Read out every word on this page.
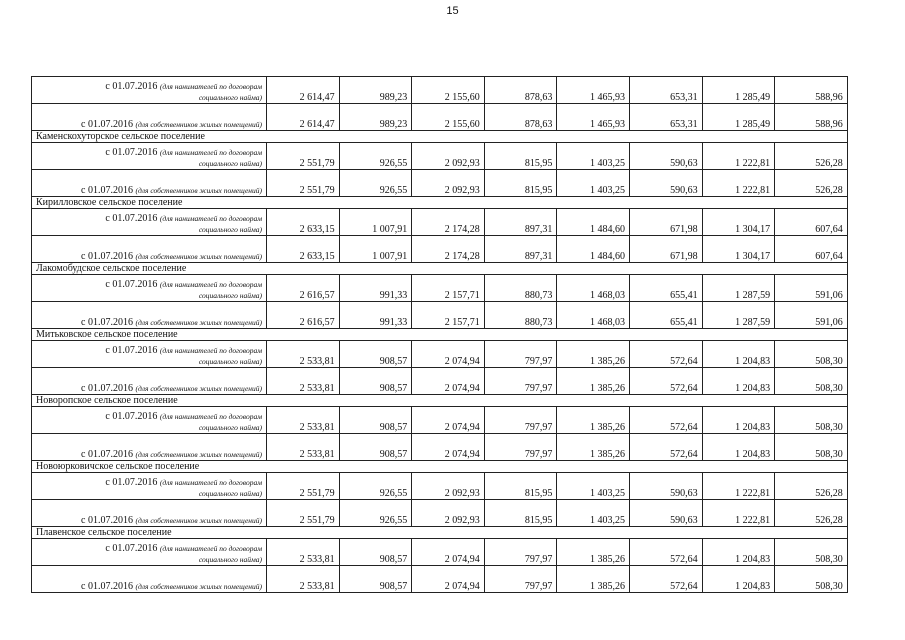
15
с 01.07.2016 (для нанимателей по договорам
социального найма)	2 614,47	989,23	2 155,60	878,63	1 465,93	653,31	1 285,49	588,96
с 01.07.2016 (для собственников жилых помещений)	2 614,47	989,23	2 155,60	878,63	1 465,93	653,31	1 285,49	588,96
Каменскохуторское сельское поселение								

с 01.07.2016 (для нанимателей по договорам
социального найма)	2 551,79	926,55	2 092,93	815,95	1 403,25	590,63	1 222,81	526,28
с 01.07.2016 (для собственников жилых помещений)	2 551,79	926,55	2 092,93	815,95	1 403,25	590,63	1 222,81	526,28
Кирилловское сельское поселение								

с 01.07.2016 (для нанимателей по договорам
социального найма)	2 633,15	1 007,91	2 174,28	897,31	1 484,60	671,98	1 304,17	607,64
с 01.07.2016 (для собственников жилых помещений)	2 633,15	1 007,91	2 174,28	897,31	1 484,60	671,98	1 304,17	607,64
Лакомобудское сельское поселение								

с 01.07.2016 (для нанимателей по договорам
социального найма)	2 616,57	991,33	2 157,71	880,73	1 468,03	655,41	1 287,59	591,06
с 01.07.2016 (для собственников жилых помещений)	2 616,57	991,33	2 157,71	880,73	1 468,03	655,41	1 287,59	591,06
Митьковское сельское поселение								

с 01.07.2016 (для нанимателей по договорам
социального найма)	2 533,81	908,57	2 074,94	797,97	1 385,26	572,64	1 204,83	508,30
с 01.07.2016 (для собственников жилых помещений)	2 533,81	908,57	2 074,94	797,97	1 385,26	572,64	1 204,83	508,30
Новоропское сельское поселение								

с 01.07.2016 (для нанимателей по договорам
социального найма)	2 533,81	908,57	2 074,94	797,97	1 385,26	572,64	1 204,83	508,30
с 01.07.2016 (для собственников жилых помещений)	2 533,81	908,57	2 074,94	797,97	1 385,26	572,64	1 204,83	508,30
Новоюрковичское сельское поселение								

с 01.07.2016 (для нанимателей по договорам
социального найма)	2 551,79	926,55	2 092,93	815,95	1 403,25	590,63	1 222,81	526,28
с 01.07.2016 (для собственников жилых помещений)	2 551,79	926,55	2 092,93	815,95	1 403,25	590,63	1 222,81	526,28
Плавенское сельское поселение								

с 01.07.2016 (для нанимателей по договорам
социального найма)	2 533,81	908,57	2 074,94	797,97	1 385,26	572,64	1 204,83	508,30
с 01.07.2016 (для собственников жилых помещений)	2 533,81	908,57	2 074,94	797,97	1 385,26	572,64	1 204,83	508,30
